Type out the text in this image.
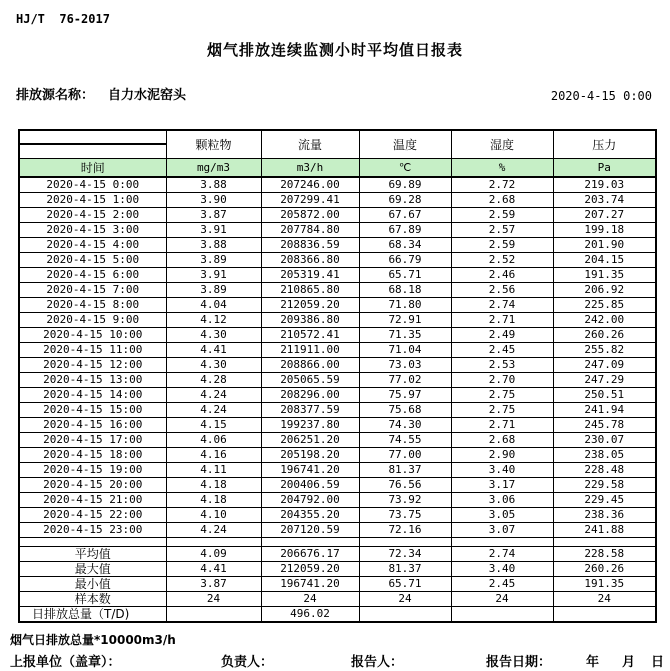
HJ/T  76-2017
烟气排放连续监测小时平均值日报表
排放源名称： 自力水泥窑头	2020-4-15 0:00
	颗粒物	流量	温度	湿度	压力

时间	mg/m3	m3/h	℃	%	Pa
2020-4-15 0:00	3.88	207246.00	69.89	2.72	219.03
2020-4-15 1:00	3.90	207299.41	69.28	2.68	203.74
2020-4-15 2:00	3.87	205872.00	67.67	2.59	207.27
2020-4-15 3:00	3.91	207784.80	67.89	2.57	199.18
2020-4-15 4:00	3.88	208836.59	68.34	2.59	201.90
2020-4-15 5:00	3.89	208366.80	66.79	2.52	204.15
2020-4-15 6:00	3.91	205319.41	65.71	2.46	191.35
2020-4-15 7:00	3.89	210865.80	68.18	2.56	206.92
2020-4-15 8:00	4.04	212059.20	71.80	2.74	225.85
2020-4-15 9:00	4.12	209386.80	72.91	2.71	242.00
2020-4-15 10:00	4.30	210572.41	71.35	2.49	260.26
2020-4-15 11:00	4.41	211911.00	71.04	2.45	255.82
2020-4-15 12:00	4.30	208866.00	73.03	2.53	247.09
2020-4-15 13:00	4.28	205065.59	77.02	2.70	247.29
2020-4-15 14:00	4.24	208296.00	75.97	2.75	250.51
2020-4-15 15:00	4.24	208377.59	75.68	2.75	241.94
2020-4-15 16:00	4.15	199237.80	74.30	2.71	245.78
2020-4-15 17:00	4.06	206251.20	74.55	2.68	230.07
2020-4-15 18:00	4.16	205198.20	77.00	2.90	238.05
2020-4-15 19:00	4.11	196741.20	81.37	3.40	228.48
2020-4-15 20:00	4.18	200406.59	76.56	3.17	229.58
2020-4-15 21:00	4.18	204792.00	73.92	3.06	229.45
2020-4-15 22:00	4.10	204355.20	73.75	3.05	238.36
2020-4-15 23:00	4.24	207120.59	72.16	3.07	241.88

平均值	4.09	206676.17	72.34	2.74	228.58
最大值	4.41	212059.20	81.37	3.40	260.26
最小值	3.87	196741.20	65.71	2.45	191.35
样本数	24	24	24	24	24
日排放总量（T/D)		496.02			
烟气日排放总量*10000m3/h
上报单位（盖章）：	负责人：	报告人：	报告日期：	年 月 日
